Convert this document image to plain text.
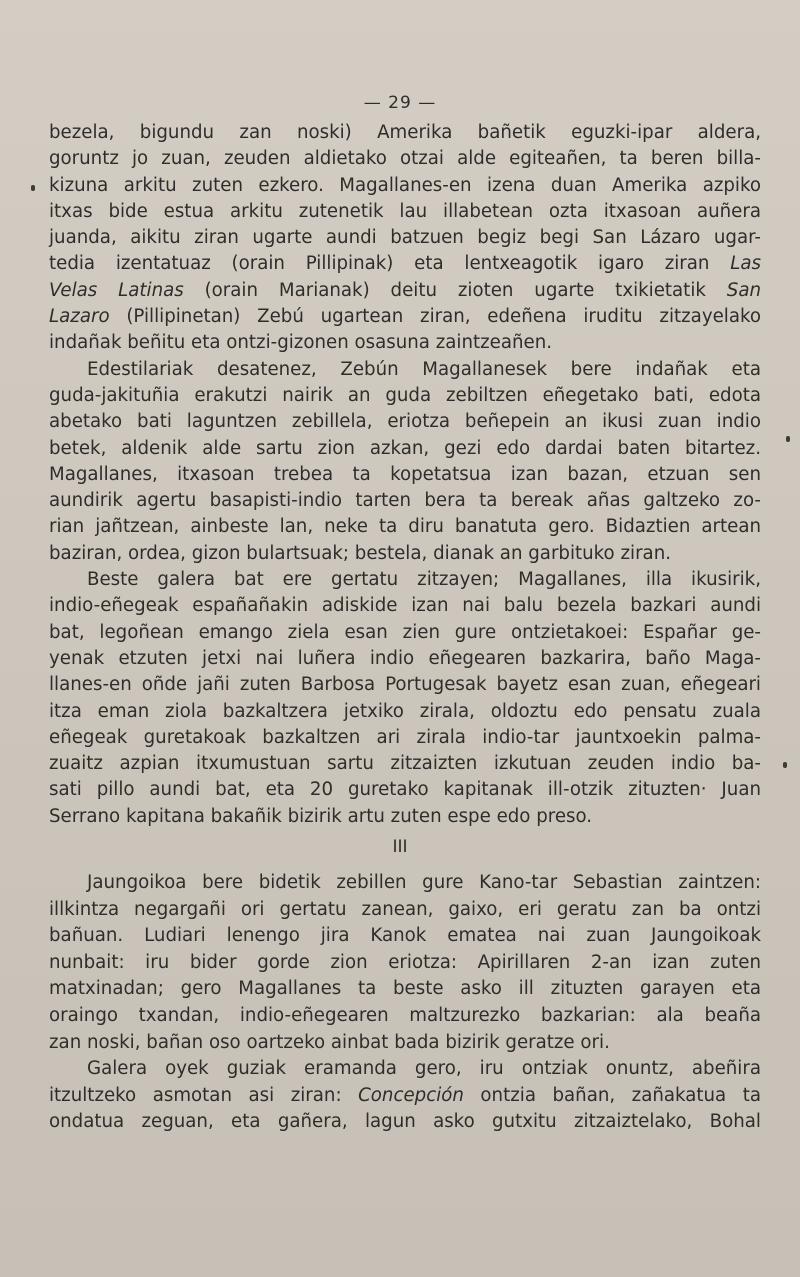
— 29 —
bezela, bigundu zan noski) Amerika bañetik eguzki-ipar aldera,
goruntz jo zuan, zeuden aldietako otzai alde egiteañen, ta beren billa-
kizuna arkitu zuten ezkero. Magallanes-en izena duan Amerika azpiko
itxas bide estua arkitu zutenetik lau illabetean ozta itxasoan auñera
juanda, aikitu ziran ugarte aundi batzuen begiz begi San Lázaro ugar-
tedia izentatuaz (orain Pillipinak) eta lentxeagotik igaro ziran Las
Velas Latinas (orain Marianak) deitu zioten ugarte txikietatik San
Lazaro (Pillipinetan) Zebú ugartean ziran, edeñena iruditu zitzayelako
indañak beñitu eta ontzi-gizonen osasuna zaintzeañen.
Edestilariak desatenez, Zebún Magallanesek bere indañak eta
guda-jakituñia erakutzi nairik an guda zebiltzen eñegetako bati, edota
abetako bati laguntzen zebillela, eriotza beñepein an ikusi zuan indio
betek, aldenik alde sartu zion azkan, gezi edo dardai baten bitartez.
Magallanes, itxasoan trebea ta kopetatsua izan bazan, etzuan sen
aundirik agertu basapisti-indio tarten bera ta bereak añas galtzeko zo-
rian jañtzean, ainbeste lan, neke ta diru banatuta gero. Bidaztien artean
baziran, ordea, gizon bulartsuak; bestela, dianak an garbituko ziran.
Beste galera bat ere gertatu zitzayen; Magallanes, illa ikusirik,
indio-eñegeak españañakin adiskide izan nai balu bezela bazkari aundi
bat, legoñean emango ziela esan zien gure ontzietakoei: Españar ge-
yenak etzuten jetxi nai luñera indio eñegearen bazkarira, baño Maga-
llanes-en oñde jañi zuten Barbosa Portugesak bayetz esan zuan, eñegeari
itza eman ziola bazkaltzera jetxiko zirala, oldoztu edo pensatu zuala
eñegeak guretakoak bazkaltzen ari zirala indio-tar jauntxoekin palma-
zuaitz azpian itxumustuan sartu zitzaizten izkutuan zeuden indio ba-
sati pillo aundi bat, eta 20 guretako kapitanak ill-otzik zituzten· Juan
Serrano kapitana bakañik bizirik artu zuten espe edo preso.
III
Jaungoikoa bere bidetik zebillen gure Kano-tar Sebastian zaintzen:
illkintza negargañi ori gertatu zanean, gaixo, eri geratu zan ba ontzi
bañuan. Ludiari lenengo jira Kanok ematea nai zuan Jaungoikoak
nunbait: iru bider gorde zion eriotza: Apirillaren 2-an izan zuten
matxinadan; gero Magallanes ta beste asko ill zituzten garayen eta
oraingo txandan, indio-eñegearen maltzurezko bazkarian: ala beaña
zan noski, bañan oso oartzeko ainbat bada bizirik geratze ori.
Galera oyek guziak eramanda gero, iru ontziak onuntz, abeñira
itzultzeko asmotan asi ziran: Concepción ontzia bañan, zañakatua ta
ondatua zeguan, eta gañera, lagun asko gutxitu zitzaiztelako, Bohal
